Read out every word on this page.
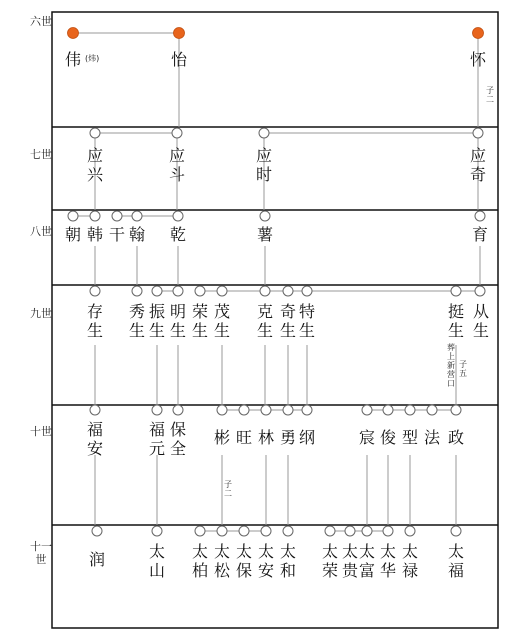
六世
七世
八世
九世
十世
十一世
伟 (炜)	怡	怀
子二
应兴
应斗
应时
应奇
朝 韩 干 翰 乾	薯	育
存生
秀生
振生
明生
荣生
茂生
克生
奇生
特生
挺生
从生
葬上新营口
子五
福安
福元
保全
彬 旺 林 勇 纲	宸 俊 型 法 政
子二
润	太山
太柏
太松
太保
太安
太和
太荣
太贵
太富
太华
太禄
太福
